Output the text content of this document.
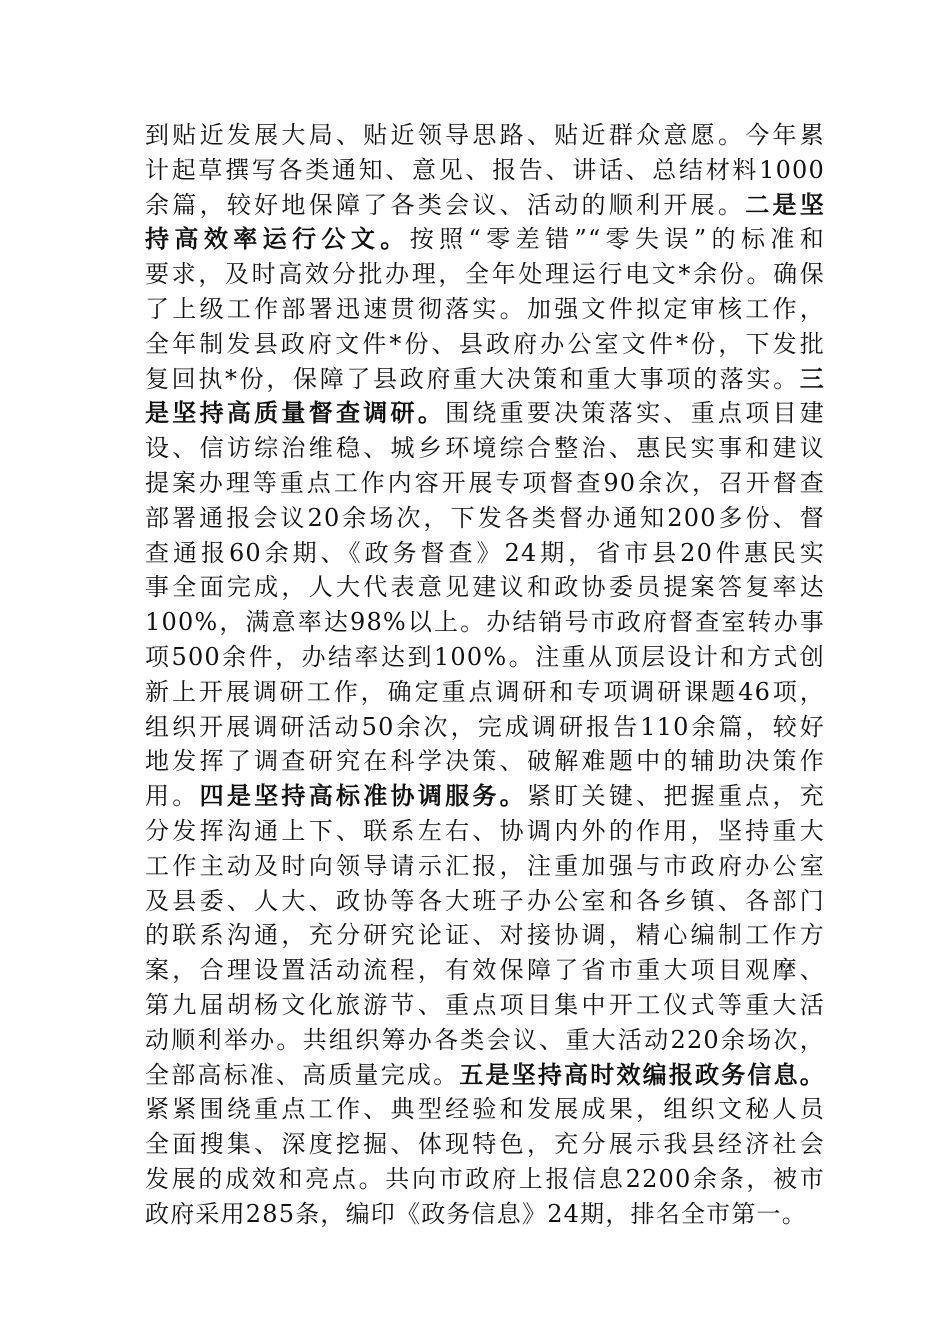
到贴近发展大局、贴近领导思路、贴近群众意愿。今年累
计起草撰写各类通知、意见、报告、讲话、总结材料1000
余篇，较好地保障了各类会议、活动的顺利开展。二是坚
持高效率运行公文。按照“零差错”“零失误”的标准和
要求，及时高效分批办理，全年处理运行电文*余份。确保
了上级工作部署迅速贯彻落实。加强文件拟定审核工作，
全年制发县政府文件*份、县政府办公室文件*份，下发批
复回执*份，保障了县政府重大决策和重大事项的落实。三
是坚持高质量督查调研。围绕重要决策落实、重点项目建
设、信访综治维稳、城乡环境综合整治、惠民实事和建议
提案办理等重点工作内容开展专项督查90余次，召开督查
部署通报会议20余场次，下发各类督办通知200多份、督
查通报60余期、《政务督查》24期，省市县20件惠民实
事全面完成，人大代表意见建议和政协委员提案答复率达
100%，满意率达98%以上。办结销号市政府督查室转办事
项500余件，办结率达到100%。注重从顶层设计和方式创
新上开展调研工作，确定重点调研和专项调研课题46项，
组织开展调研活动50余次，完成调研报告110余篇，较好
地发挥了调查研究在科学决策、破解难题中的辅助决策作
用。四是坚持高标准协调服务。紧盯关键、把握重点，充
分发挥沟通上下、联系左右、协调内外的作用，坚持重大
工作主动及时向领导请示汇报，注重加强与市政府办公室
及县委、人大、政协等各大班子办公室和各乡镇、各部门
的联系沟通，充分研究论证、对接协调，精心编制工作方
案，合理设置活动流程，有效保障了省市重大项目观摩、
第九届胡杨文化旅游节、重点项目集中开工仪式等重大活
动顺利举办。共组织筹办各类会议、重大活动220余场次，
全部高标准、高质量完成。五是坚持高时效编报政务信息。
紧紧围绕重点工作、典型经验和发展成果，组织文秘人员
全面搜集、深度挖掘、体现特色，充分展示我县经济社会
发展的成效和亮点。共向市政府上报信息2200余条，被市
政府采用285条，编印《政务信息》24期，排名全市第一。
